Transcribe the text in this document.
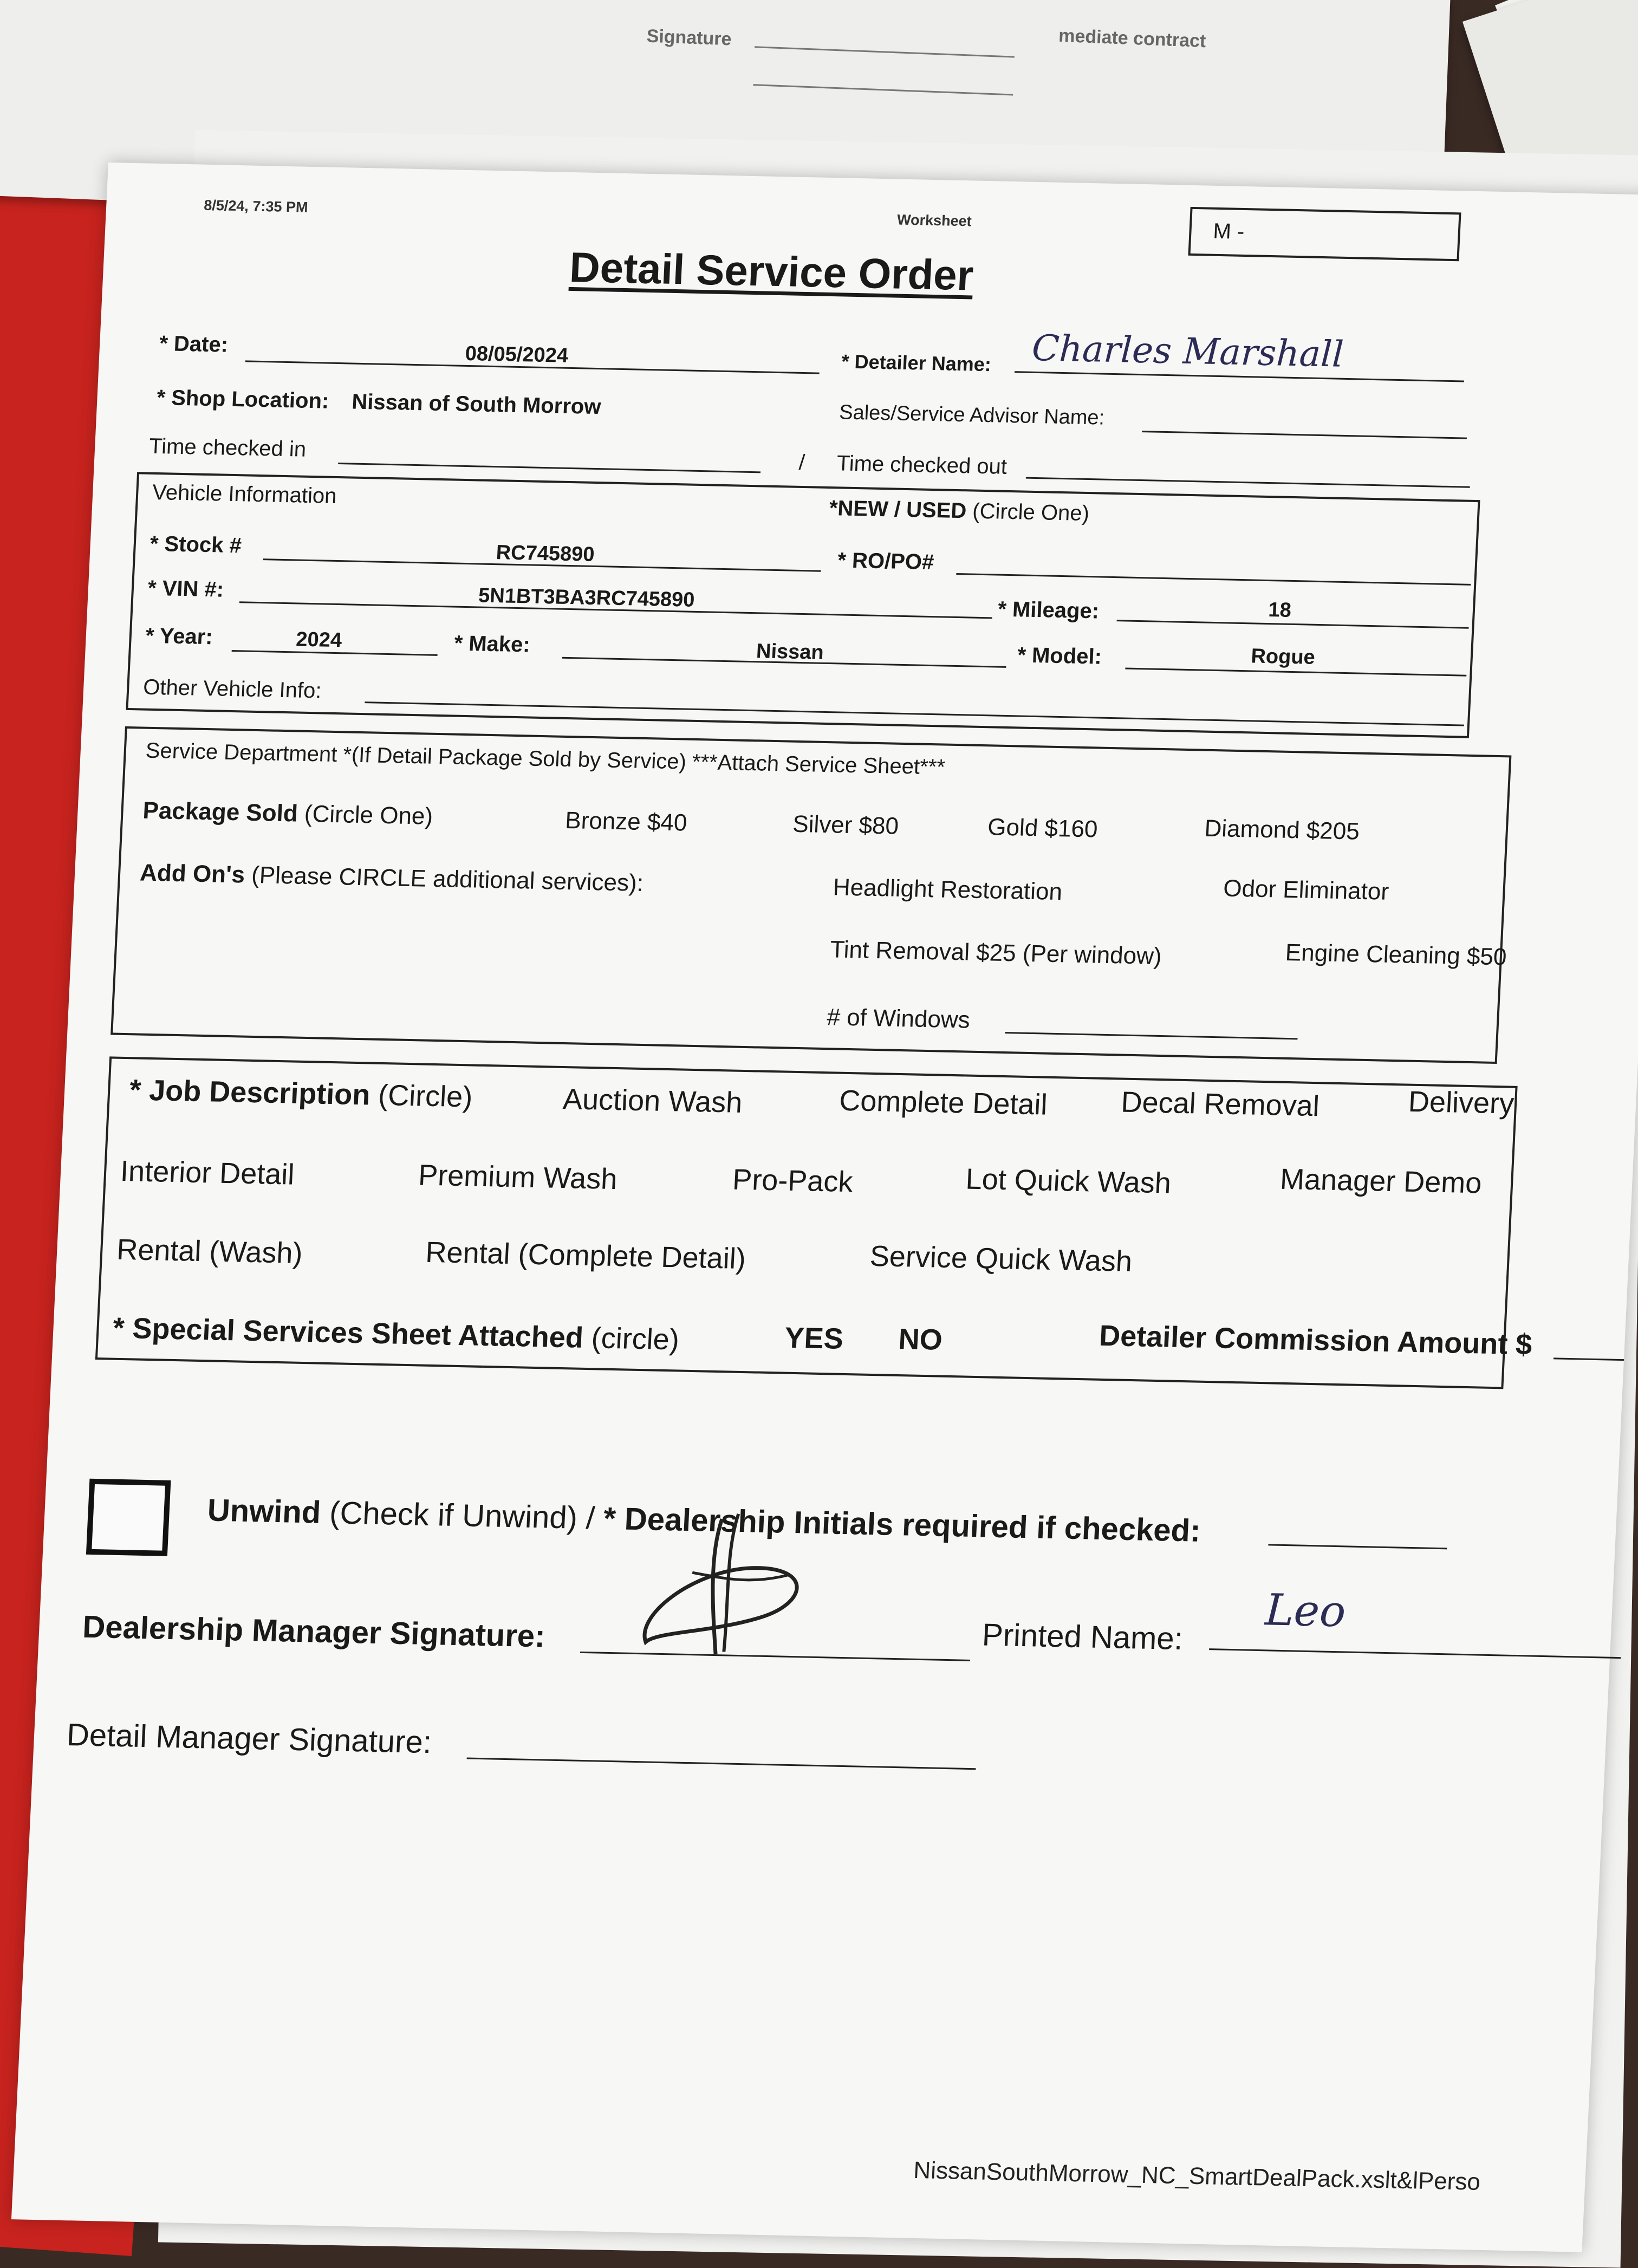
Signature	mediate contract
8/5/24, 7:35 PM
Worksheet	M -
Detail Service Order
* Date:	08/05/2024	* Detailer Name: Charles Marshall
* Shop Location: Nissan of South Morrow	Sales/Service Advisor Name:
Time checked in
/ Time checked out
Vehicle Information
*NEW / USED (Circle One)
* Stock #	RC745890	* RO/PO#
* VIN #:	5N1BT3BA3RC745890	* Mileage:	18
* Year:	2024	* Make:	Nissan	* Model:	Rogue
Other Vehicle Info:
Service Department *(If Detail Package Sold by Service) ***Attach Service Sheet***
Package Sold (Circle One)	Bronze $40	Silver $80	Gold $160	Diamond $205
Add On's (Please CIRCLE additional services):	Headlight Restoration	Odor Eliminator
Tint Removal $25 (Per window)	Engine Cleaning $50
# of Windows
* Job Description (Circle)	Auction Wash	Complete Detail Decal Removal	Delivery
Interior Detail	Premium Wash	Pro-Pack	Lot Quick Wash	Manager Demo
Rental (Wash)	Rental (Complete Detail)	Service Quick Wash
* Special Services Sheet Attached (circle)	YES NO	Detailer Commission Amount $
Unwind (Check if Unwind) / * Dealership Initials required if checked:
Dealership Manager Signature:	Printed Name:
Leo
Detail Manager Signature:
NissanSouthMorrow_NC_SmartDealPack.xslt&lPerso
